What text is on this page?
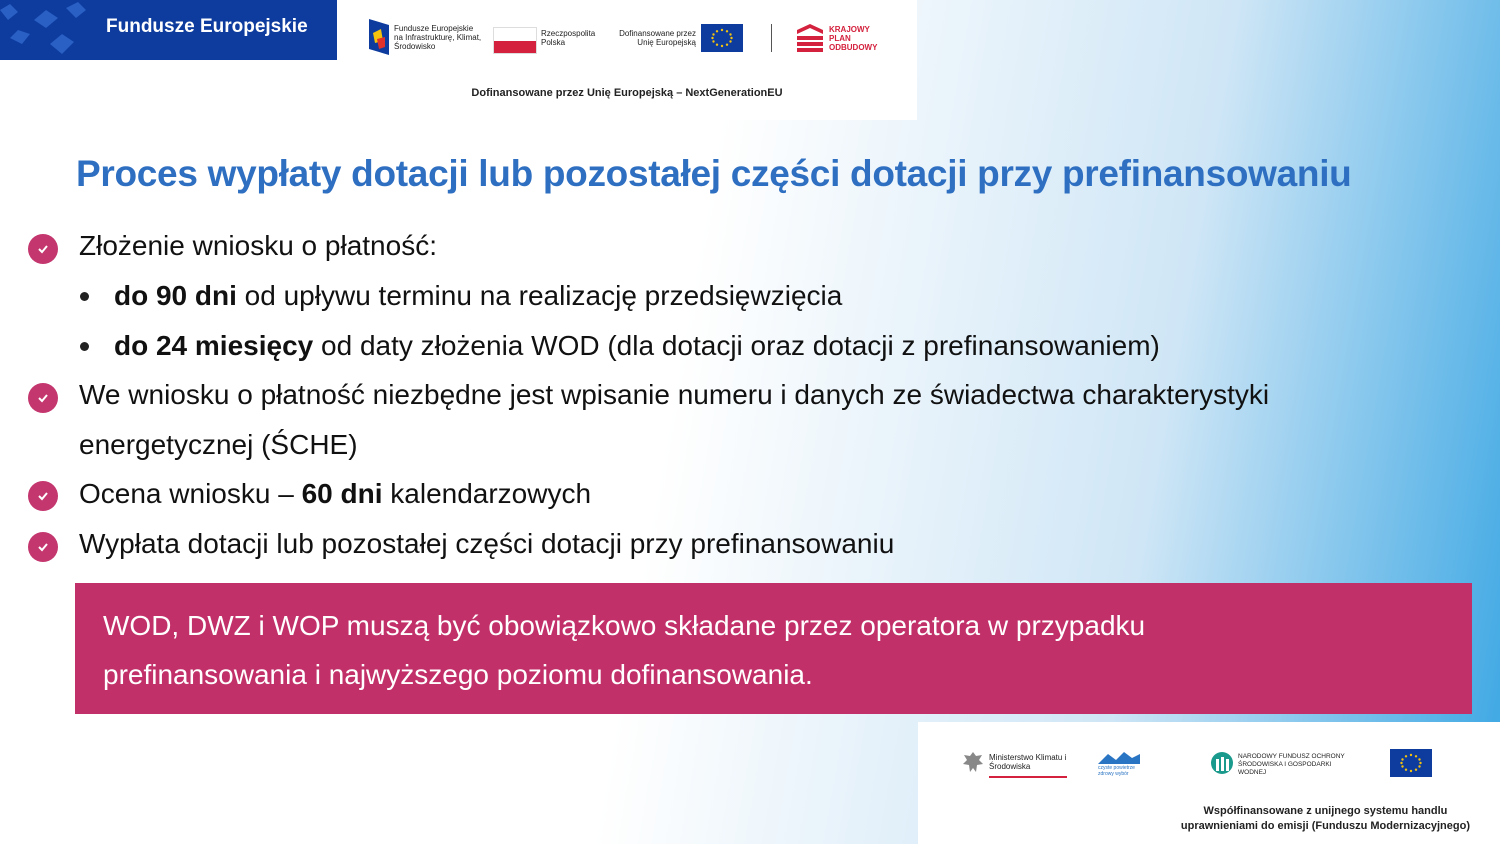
Fundusze Europejskie	Fundusze Europejskie na Infrastrukturę, Klimat, Środowisko
Rzeczpospolita Polska
Dofinansowane przez Unię Europejską
KRAJOWY
PLAN
ODBUDOWY
Dofinansowane przez Unię Europejską – NextGenerationEU
Proces wypłaty dotacji lub pozostałej części dotacji przy prefinansowaniu
Złożenie wniosku o płatność:
do 90 dni od upływu terminu na realizację przedsięwzięcia
do 24 miesięcy od daty złożenia WOD (dla dotacji oraz dotacji z prefinansowaniem)
We wniosku o płatność niezbędne jest wpisanie numeru i danych ze świadectwa charakterystyki
energetycznej (ŚCHE)
Ocena wniosku – 60 dni kalendarzowych
Wypłata dotacji lub pozostałej części dotacji przy prefinansowaniu
WOD, DWZ i WOP muszą być obowiązkowo składane przez operatora w przypadku
prefinansowania i najwyższego poziomu dofinansowania.
Ministerstwo Klimatu i Środowiska	czyste powietrze zdrowy wybór
NARODOWY FUNDUSZ OCHRONY ŚRODOWISKA I GOSPODARKI WODNEJ
Współfinansowane z unijnego systemu handlu
uprawnieniami do emisji (Funduszu Modernizacyjnego)
